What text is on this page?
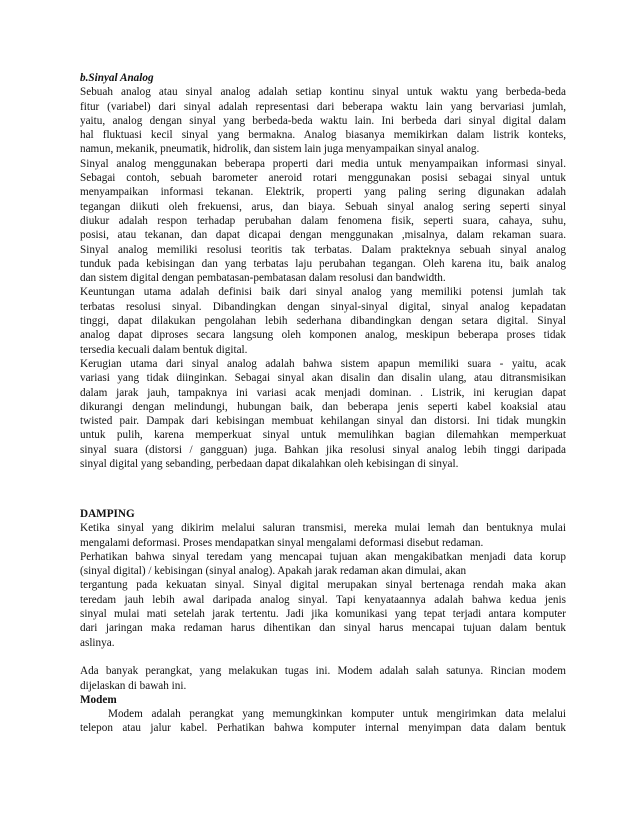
b.Sinyal Analog
Sebuah analog atau sinyal analog adalah setiap kontinu sinyal untuk waktu yang berbeda-beda
fitur (variabel) dari sinyal adalah representasi dari beberapa waktu lain yang bervariasi jumlah,
yaitu, analog dengan sinyal yang berbeda-beda waktu lain. Ini berbeda dari sinyal digital dalam
hal fluktuasi kecil sinyal yang bermakna. Analog biasanya memikirkan dalam listrik konteks,
namun, mekanik, pneumatik, hidrolik, dan sistem lain juga menyampaikan sinyal analog.
Sinyal analog menggunakan beberapa properti dari media untuk menyampaikan informasi sinyal.
Sebagai contoh, sebuah barometer aneroid rotari menggunakan posisi sebagai sinyal untuk
menyampaikan informasi tekanan. Elektrik, properti yang paling sering digunakan adalah
tegangan diikuti oleh frekuensi, arus, dan biaya. Sebuah sinyal analog sering seperti sinyal
diukur adalah respon terhadap perubahan dalam fenomena fisik, seperti suara, cahaya, suhu,
posisi, atau tekanan, dan dapat dicapai dengan menggunakan ,misalnya, dalam rekaman suara.
Sinyal analog memiliki resolusi teoritis tak terbatas. Dalam prakteknya sebuah sinyal analog
tunduk pada kebisingan dan yang terbatas laju perubahan tegangan. Oleh karena itu, baik analog
dan sistem digital dengan pembatasan-pembatasan dalam resolusi dan bandwidth.
Keuntungan utama adalah definisi baik dari sinyal analog yang memiliki potensi jumlah tak
terbatas resolusi sinyal. Dibandingkan dengan sinyal-sinyal digital, sinyal analog kepadatan
tinggi, dapat dilakukan pengolahan lebih sederhana dibandingkan dengan setara digital. Sinyal
analog dapat diproses secara langsung oleh komponen analog, meskipun beberapa proses tidak
tersedia kecuali dalam bentuk digital.
Kerugian utama dari sinyal analog adalah bahwa sistem apapun memiliki suara - yaitu, acak
variasi yang tidak diinginkan. Sebagai sinyal akan disalin dan disalin ulang, atau ditransmisikan
dalam jarak jauh, tampaknya ini variasi acak menjadi dominan. . Listrik, ini kerugian dapat
dikurangi dengan melindungi, hubungan baik, dan beberapa jenis seperti kabel koaksial atau
twisted pair. Dampak dari kebisingan membuat kehilangan sinyal dan distorsi. Ini tidak mungkin
untuk pulih, karena memperkuat sinyal untuk memulihkan bagian dilemahkan memperkuat
sinyal suara (distorsi / gangguan) juga. Bahkan jika resolusi sinyal analog lebih tinggi daripada
sinyal digital yang sebanding, perbedaan dapat dikalahkan oleh kebisingan di sinyal.
DAMPING
Ketika sinyal yang dikirim melalui saluran transmisi, mereka mulai lemah dan bentuknya mulai
mengalami deformasi. Proses mendapatkan sinyal mengalami deformasi disebut redaman.
Perhatikan bahwa sinyal teredam yang mencapai tujuan akan mengakibatkan menjadi data korup
(sinyal digital) / kebisingan (sinyal analog). Apakah jarak redaman akan dimulai, akan
tergantung pada kekuatan sinyal. Sinyal digital merupakan sinyal bertenaga rendah maka akan
teredam jauh lebih awal daripada analog sinyal. Tapi kenyataannya adalah bahwa kedua jenis
sinyal mulai mati setelah jarak tertentu. Jadi jika komunikasi yang tepat terjadi antara komputer
dari jaringan maka redaman harus dihentikan dan sinyal harus mencapai tujuan dalam bentuk
aslinya.
Ada banyak perangkat, yang melakukan tugas ini. Modem adalah salah satunya. Rincian modem
dijelaskan di bawah ini.
Modem
Modem adalah perangkat yang memungkinkan komputer untuk mengirimkan data melalui
telepon atau jalur kabel. Perhatikan bahwa komputer internal menyimpan data dalam bentuk
